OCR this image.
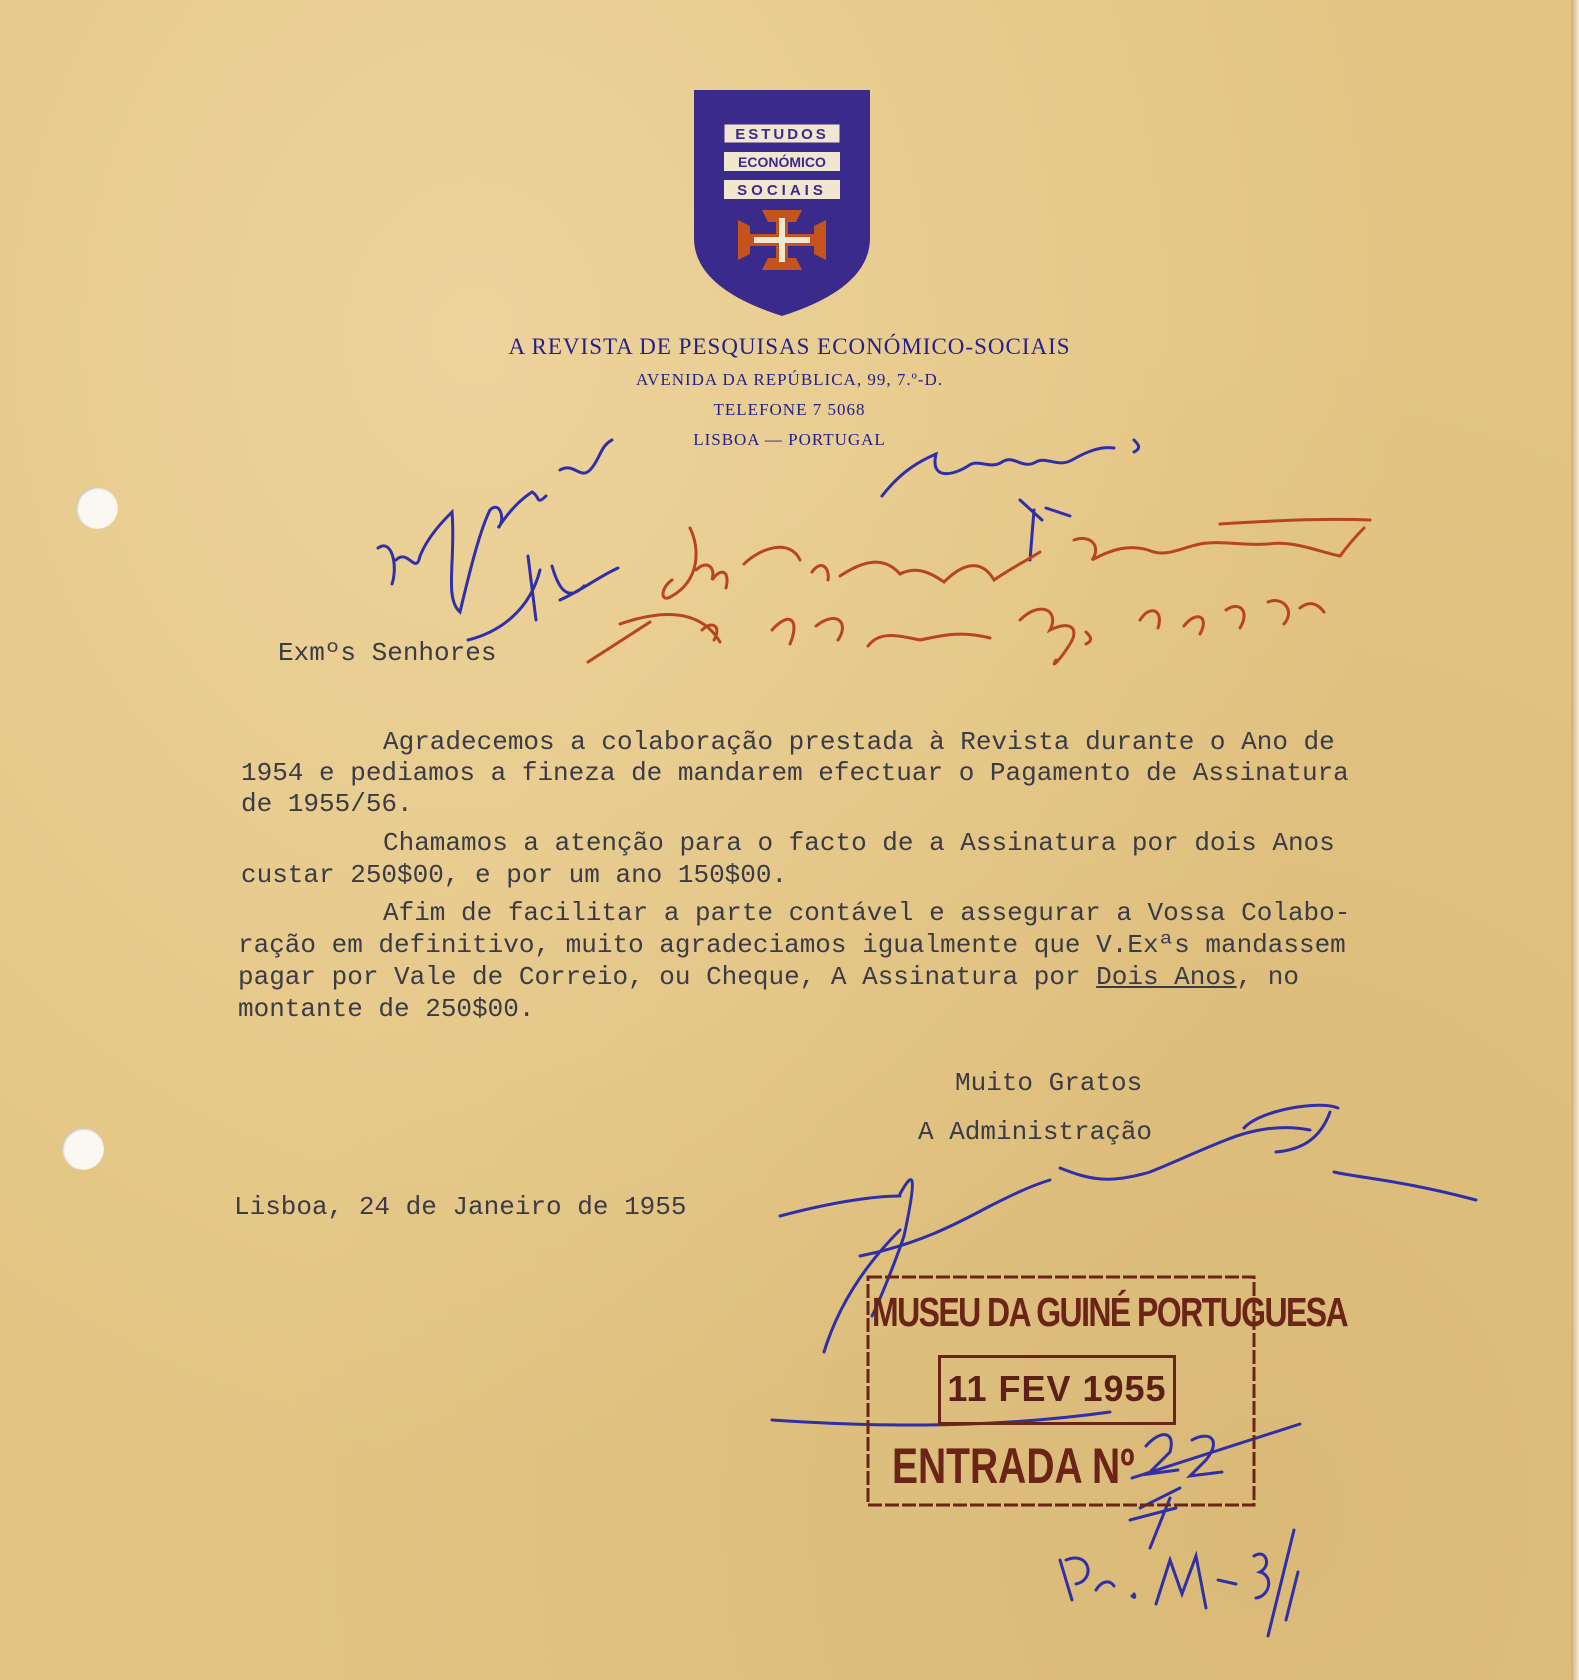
ESTUDOS
ECONÓMICO
SOCIAIS
A REVISTA DE PESQUISAS ECONÓMICO-SOCIAIS
AVENIDA DA REPÚBLICA, 99, 7.º-D.
TELEFONE 7 5068
LISBOA — PORTUGAL
Exmºs Senhores
Agradecemos a colaboração prestada à Revista durante o Ano de
1954 e pediamos a fineza de mandarem efectuar o Pagamento de Assinatura
de 1955/56.
Chamamos a atenção para o facto de a Assinatura por dois Anos
custar 250$00, e por um ano 150$00.
Afim de facilitar a parte contável e assegurar a Vossa Colabo-
ração em definitivo, muito agradeciamos igualmente que V.Exªs mandassem
pagar por Vale de Correio, ou Cheque, A Assinatura por Dois Anos, no
montante de 250$00.
Muito Gratos
A Administração
Lisboa, 24 de Janeiro de 1955
MUSEU DA GUINÉ PORTUGUESA
11 FEV 1955
ENTRADA Nº
